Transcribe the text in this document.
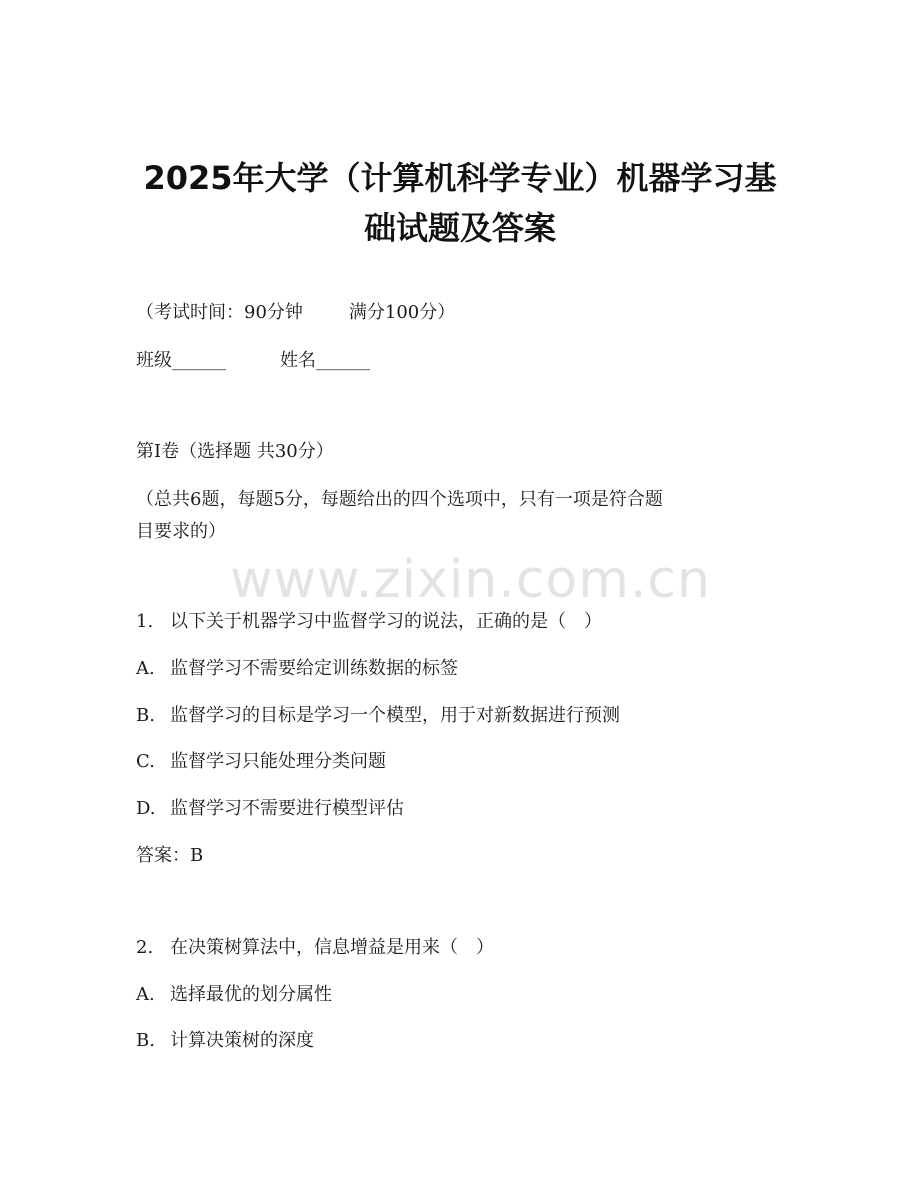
2025年大学（计算机科学专业）机器学习基
础试题及答案
（考试时间：90分钟	满分100分）
班级______	姓名______
第I卷（选择题 共30分）
（总共6题，每题5分，每题给出的四个选项中，只有一项是符合题
目要求的）
www.zixin.com.cn
1. 以下关于机器学习中监督学习的说法，正确的是（　）
A. 监督学习不需要给定训练数据的标签
B. 监督学习的目标是学习一个模型，用于对新数据进行预测
C. 监督学习只能处理分类问题
D. 监督学习不需要进行模型评估
答案：B
2. 在决策树算法中，信息增益是用来（　）
A. 选择最优的划分属性
B. 计算决策树的深度
